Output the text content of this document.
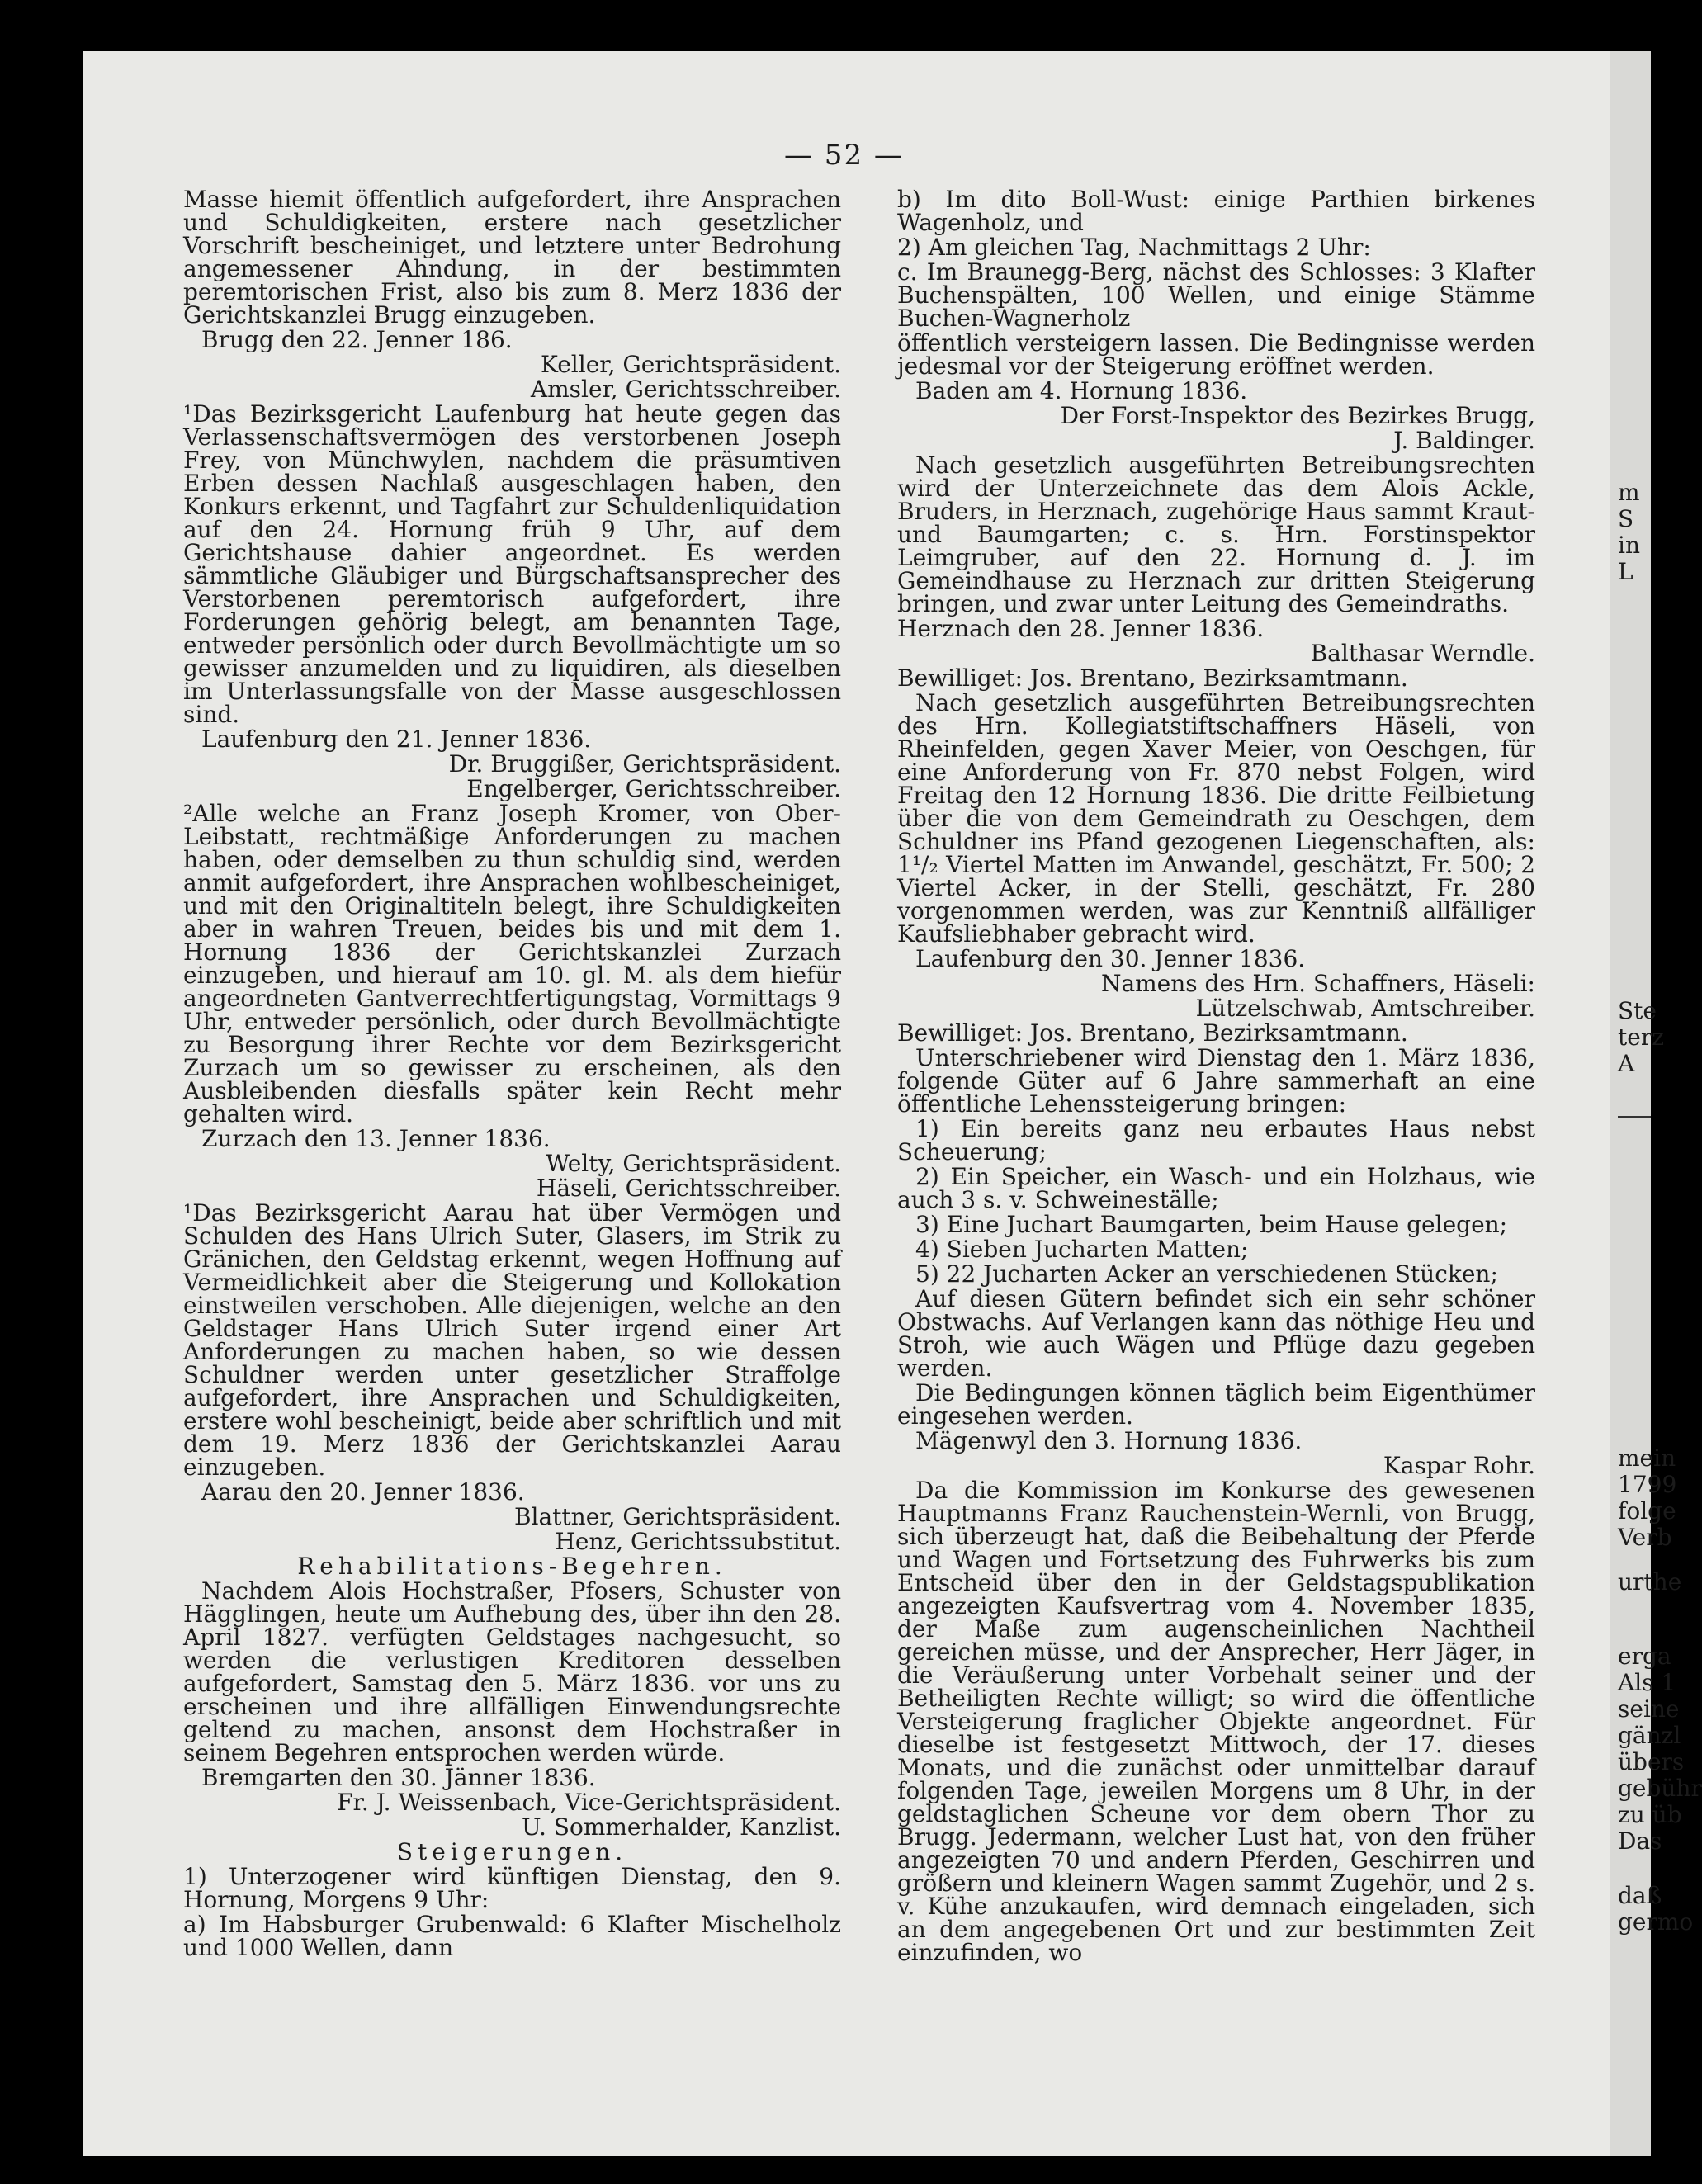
m
S
in
L
Ste
terz
A
mein
1799
folge
Verb
urthe
erga
Als 1
seine
gänzl
übers
gebühr
zu üb
Das
daß
germo
— 52 —

Masse hiemit öffentlich aufgefordert, ihre Ansprachen und Schuldigkeiten, erstere nach gesetzlicher Vorschrift bescheiniget, und letztere unter Bedrohung angemessener Ahndung, in der bestimmten peremtorischen Frist, also bis zum 8. Merz 1836 der Gerichtskanzlei Brugg einzugeben.

Brugg den 22. Jenner 186.

Keller, Gerichtspräsident.

Amsler, Gerichtsschreiber.

¹Das Bezirksgericht Laufenburg hat heute gegen das Verlassenschaftsvermögen des verstorbenen Joseph Frey, von Münchwylen, nachdem die präsumtiven Erben dessen Nachlaß ausgeschlagen haben, den Konkurs erkennt, und Tagfahrt zur Schuldenliquidation auf den 24. Hornung früh 9 Uhr, auf dem Gerichtshause dahier angeordnet. Es werden sämmtliche Gläubiger und Bürgschaftsansprecher des Verstorbenen peremtorisch aufgefordert, ihre Forderungen gehörig belegt, am benannten Tage, entweder persönlich oder durch Bevollmächtigte um so gewisser anzumelden und zu liquidiren, als dieselben im Unterlassungsfalle von der Masse ausgeschlossen sind.

Laufenburg den 21. Jenner 1836.

Dr. Bruggißer, Gerichtspräsident.

Engelberger, Gerichtsschreiber.

²Alle welche an Franz Joseph Kromer, von Ober-Leibstatt, rechtmäßige Anforderungen zu machen haben, oder demselben zu thun schuldig sind, werden anmit aufgefordert, ihre Ansprachen wohlbescheiniget, und mit den Originaltiteln belegt, ihre Schuldigkeiten aber in wahren Treuen, beides bis und mit dem 1. Hornung 1836 der Gerichtskanzlei Zurzach einzugeben, und hierauf am 10. gl. M. als dem hiefür angeordneten Gantverrechtfertigungstag, Vormittags 9 Uhr, entweder persönlich, oder durch Bevollmächtigte zu Besorgung ihrer Rechte vor dem Bezirksgericht Zurzach um so gewisser zu erscheinen, als den Ausbleibenden diesfalls später kein Recht mehr gehalten wird.

Zurzach den 13. Jenner 1836.

Welty, Gerichtspräsident.

Häseli, Gerichtsschreiber.

¹Das Bezirksgericht Aarau hat über Vermögen und Schulden des Hans Ulrich Suter, Glasers, im Strik zu Gränichen, den Geldstag erkennt, wegen Hoffnung auf Vermeidlichkeit aber die Steigerung und Kollokation einstweilen verschoben. Alle diejenigen, welche an den Geldstager Hans Ulrich Suter irgend einer Art Anforderungen zu machen haben, so wie dessen Schuldner werden unter gesetzlicher Straffolge aufgefordert, ihre Ansprachen und Schuldigkeiten, erstere wohl bescheinigt, beide aber schriftlich und mit dem 19. Merz 1836 der Gerichtskanzlei Aarau einzugeben.

Aarau den 20. Jenner 1836.

Blattner, Gerichtspräsident.

Henz, Gerichtssubstitut.

Rehabilitations-Begehren.

Nachdem Alois Hochstraßer, Pfosers, Schuster von Hägglingen, heute um Aufhebung des, über ihn den 28. April 1827. verfügten Geldstages nachgesucht, so werden die verlustigen Kreditoren desselben aufgefordert, Samstag den 5. März 1836. vor uns zu erscheinen und ihre allfälligen Einwendungsrechte geltend zu machen, ansonst dem Hochstraßer in seinem Begehren entsprochen werden würde.

Bremgarten den 30. Jänner 1836.

Fr. J. Weissenbach, Vice-Gerichtspräsident.

U. Sommerhalder, Kanzlist.

Steigerungen.

1) Unterzogener wird künftigen Dienstag, den 9. Hornung, Morgens 9 Uhr:

a) Im Habsburger Grubenwald: 6 Klafter Mischelholz und 1000 Wellen, dann

b) Im dito Boll-Wust: einige Parthien birkenes Wagenholz, und

2) Am gleichen Tag, Nachmittags 2 Uhr:

c. Im Braunegg-Berg, nächst des Schlosses: 3 Klafter Buchenspälten, 100 Wellen, und einige Stämme Buchen-Wagnerholz

öffentlich versteigern lassen. Die Bedingnisse werden jedesmal vor der Steigerung eröffnet werden.

Baden am 4. Hornung 1836.

Der Forst-Inspektor des Bezirkes Brugg,

J. Baldinger.

Nach gesetzlich ausgeführten Betreibungsrechten wird der Unterzeichnete das dem Alois Ackle, Bruders, in Herznach, zugehörige Haus sammt Kraut- und Baumgarten; c. s. Hrn. Forstinspektor Leimgruber, auf den 22. Hornung d. J. im Gemeindhause zu Herznach zur dritten Steigerung bringen, und zwar unter Leitung des Gemeindraths.

Herznach den 28. Jenner 1836.

Balthasar Werndle.

Bewilliget: Jos. Brentano, Bezirksamtmann.

Nach gesetzlich ausgeführten Betreibungsrechten des Hrn. Kollegiatstiftschaffners Häseli, von Rheinfelden, gegen Xaver Meier, von Oeschgen, für eine Anforderung von Fr. 870 nebst Folgen, wird Freitag den 12 Hornung 1836. Die dritte Feilbietung über die von dem Gemeindrath zu Oeschgen, dem Schuldner ins Pfand gezogenen Liegenschaften, als: 1¹/₂ Viertel Matten im Anwandel, geschätzt, Fr. 500; 2 Viertel Acker, in der Stelli, geschätzt, Fr. 280 vorgenommen werden, was zur Kenntniß allfälliger Kaufsliebhaber gebracht wird.

Laufenburg den 30. Jenner 1836.

Namens des Hrn. Schaffners, Häseli:

Lützelschwab, Amtschreiber.

Bewilliget: Jos. Brentano, Bezirksamtmann.

Unterschriebener wird Dienstag den 1. März 1836, folgende Güter auf 6 Jahre sammerhaft an eine öffentliche Lehenssteigerung bringen:

1) Ein bereits ganz neu erbautes Haus nebst Scheuerung;

2) Ein Speicher, ein Wasch- und ein Holzhaus, wie auch 3 s. v. Schweineställe;

3) Eine Juchart Baumgarten, beim Hause gelegen;

4) Sieben Jucharten Matten;

5) 22 Jucharten Acker an verschiedenen Stücken;

Auf diesen Gütern befindet sich ein sehr schöner Obstwachs. Auf Verlangen kann das nöthige Heu und Stroh, wie auch Wägen und Pflüge dazu gegeben werden.

Die Bedingungen können täglich beim Eigenthümer eingesehen werden.

Mägenwyl den 3. Hornung 1836.

Kaspar Rohr.

Da die Kommission im Konkurse des gewesenen Hauptmanns Franz Rauchenstein-Wernli, von Brugg, sich überzeugt hat, daß die Beibehaltung der Pferde und Wagen und Fortsetzung des Fuhrwerks bis zum Entscheid über den in der Geldstagspublikation angezeigten Kaufsvertrag vom 4. November 1835, der Maße zum augenscheinlichen Nachtheil gereichen müsse, und der Ansprecher, Herr Jäger, in die Veräußerung unter Vorbehalt seiner und der Betheiligten Rechte willigt; so wird die öffentliche Versteigerung fraglicher Objekte angeordnet. Für dieselbe ist festgesetzt Mittwoch, der 17. dieses Monats, und die zunächst oder unmittelbar darauf folgenden Tage, jeweilen Morgens um 8 Uhr, in der geldstaglichen Scheune vor dem obern Thor zu Brugg. Jedermann, welcher Lust hat, von den früher angezeigten 70 und andern Pferden, Geschirren und größern und kleinern Wagen sammt Zugehör, und 2 s. v. Kühe anzukaufen, wird demnach eingeladen, sich an dem angegebenen Ort und zur bestimmten Zeit einzufinden, wo
